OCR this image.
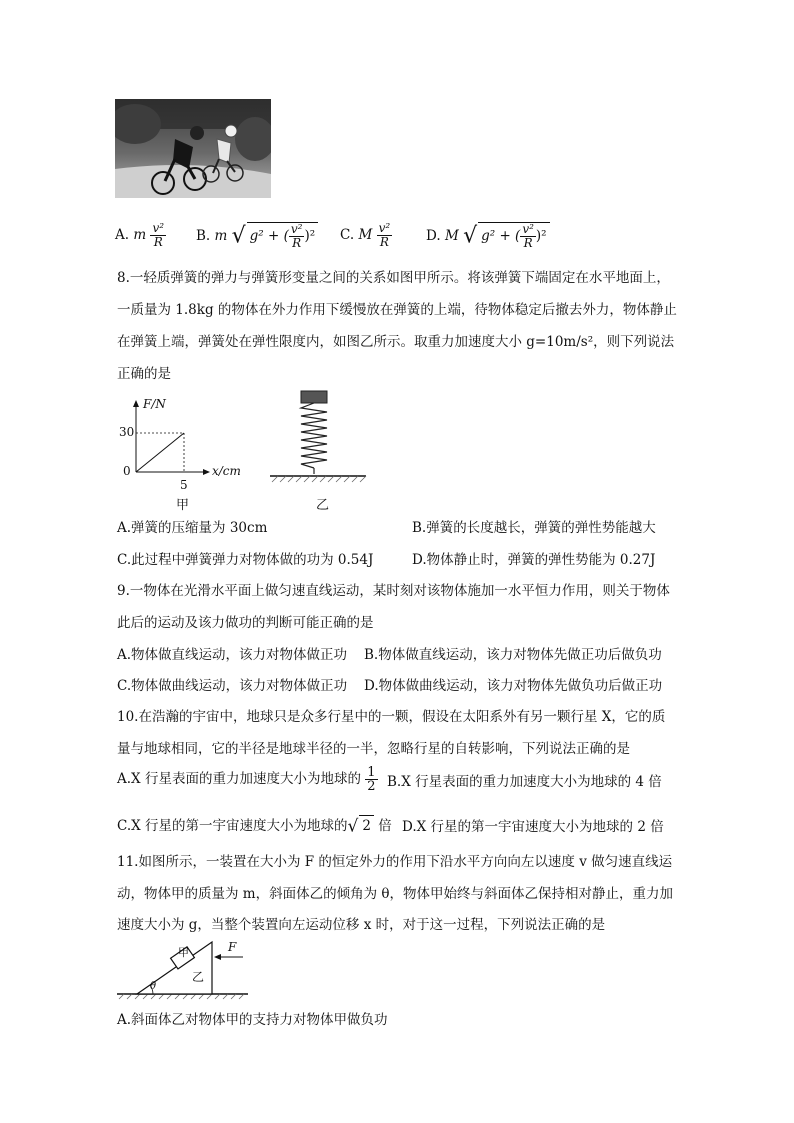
A. m $\frac{\text{v²}}{R} B$. m √ g² + ( $\frac{\text{v²}}{R} )^2$ C. M $\frac{\text{v²}}{R}$	D. M √ g² + ( $\frac{\text{v²}}{R} )^2$
8.一轻质弹簧的弹力与弹簧形变量之间的关系如图甲所示。将该弹簧下端固定在水平地面上，
一质量为 1.8kg 的物体在外力作用下缓慢放在弹簧的上端，待物体稳定后撤去外力，物体静止
在弹簧上端，弹簧处在弹性限度内，如图乙所示。取重力加速度大小 g=10m/s²，则下列说法
正确的是
F/N
30
0	x/cm
5
甲	乙
A.弹簧的压缩量为 30cm	B.弹簧的长度越长，弹簧的弹性势能越大
C.此过程中弹簧弹力对物体做的功为 0.54J	D.物体静止时，弹簧的弹性势能为 0.27J
9.一物体在光滑水平面上做匀速直线运动，某时刻对该物体施加一水平恒力作用，则关于物体
此后的运动及该力做功的判断可能正确的是
A.物体做直线运动，该力对物体做正功 B.物体做直线运动，该力对物体先做正功后做负功
C.物体做曲线运动，该力对物体做正功 D.物体做曲线运动，该力对物体先做负功后做正功
10.在浩瀚的宇宙中，地球只是众多行星中的一颗，假设在太阳系外有另一颗行星 X，它的质
量与地球相同，它的半径是地球半径的一半，忽略行星的自转影响，下列说法正确的是
A.X 行星表面的重力加速度大小为地球的 $\frac{1}{2} B.X$ 行星表面的重力加速度大小为地球的 4 倍
C.X 行星的第一宇宙速度大小为地球的√ 2 倍 D.X 行星的第一宇宙速度大小为地球的 2 倍
11.如图所示，一装置在大小为 F 的恒定外力的作用下沿水平方向向左以速度 v 做匀速直线运
动，物体甲的质量为 m，斜面体乙的倾角为 θ，物体甲始终与斜面体乙保持相对静止，重力加
速度大小为 g，当整个装置向左运动位移 x 时，对于这一过程，下列说法正确的是
甲
乙
F
θ
A.斜面体乙对物体甲的支持力对物体甲做负功
